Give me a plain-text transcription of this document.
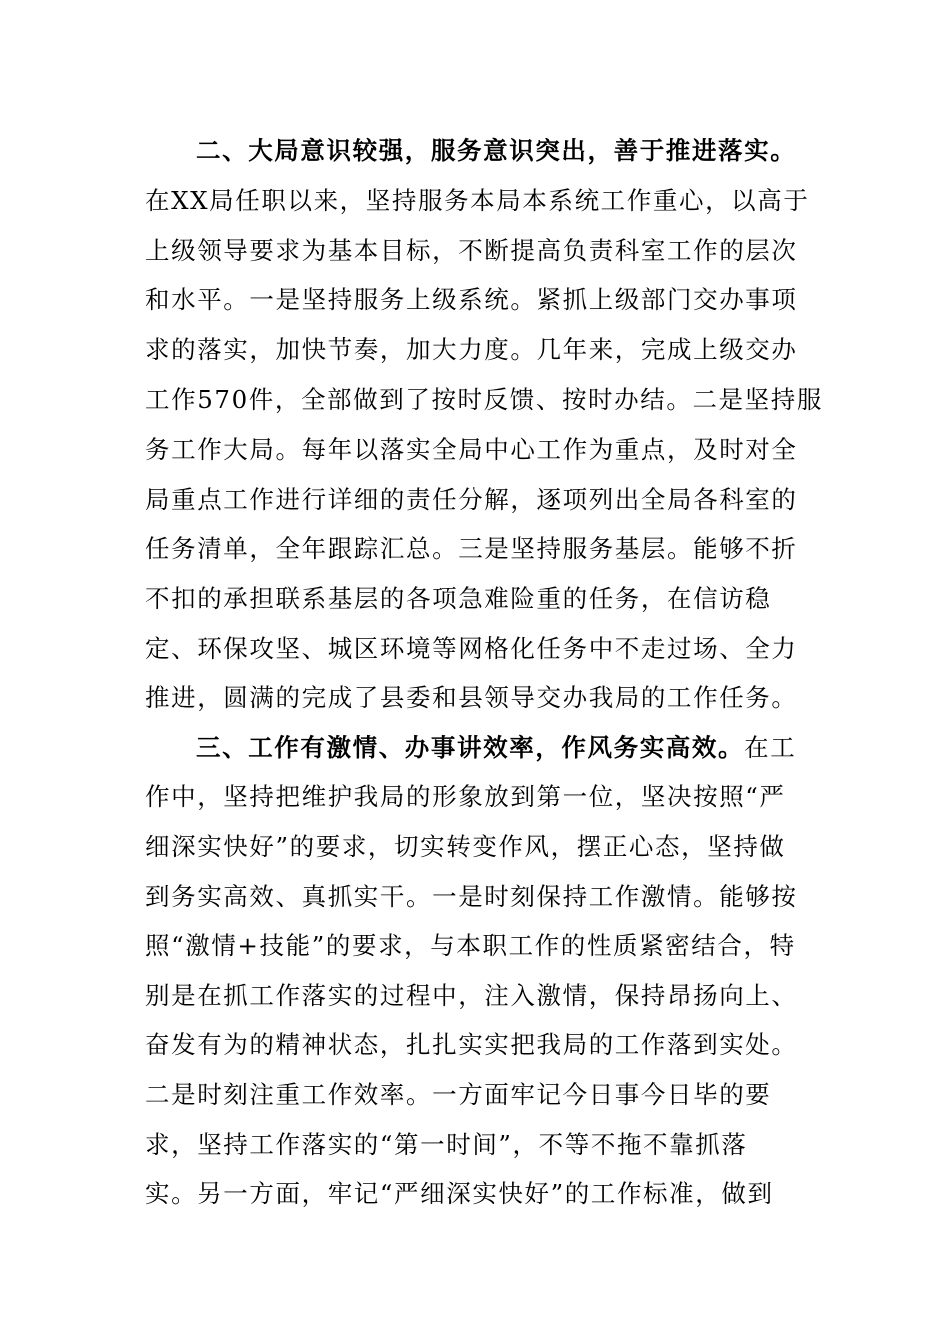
二、大局意识较强，服务意识突出，善于推进落实。
在XX局任职以来，坚持服务本局本系统工作重心，以高于
上级领导要求为基本目标，不断提高负责科室工作的层次
和水平。一是坚持服务上级系统。紧抓上级部门交办事项
求的落实，加快节奏，加大力度。几年来，完成上级交办
工作570件，全部做到了按时反馈、按时办结。二是坚持服
务工作大局。每年以落实全局中心工作为重点，及时对全
局重点工作进行详细的责任分解，逐项列出全局各科室的
任务清单，全年跟踪汇总。三是坚持服务基层。能够不折
不扣的承担联系基层的各项急难险重的任务，在信访稳
定、环保攻坚、城区环境等网格化任务中不走过场、全力
推进，圆满的完成了县委和县领导交办我局的工作任务。
三、工作有激情、办事讲效率，作风务实高效。在工
作中，坚持把维护我局的形象放到第一位，坚决按照“严
细深实快好”的要求，切实转变作风，摆正心态，坚持做
到务实高效、真抓实干。一是时刻保持工作激情。能够按
照“激情+技能”的要求，与本职工作的性质紧密结合，特
别是在抓工作落实的过程中，注入激情，保持昂扬向上、
奋发有为的精神状态，扎扎实实把我局的工作落到实处。
二是时刻注重工作效率。一方面牢记今日事今日毕的要
求，坚持工作落实的“第一时间”，不等不拖不靠抓落
实。另一方面，牢记“严细深实快好”的工作标准，做到
